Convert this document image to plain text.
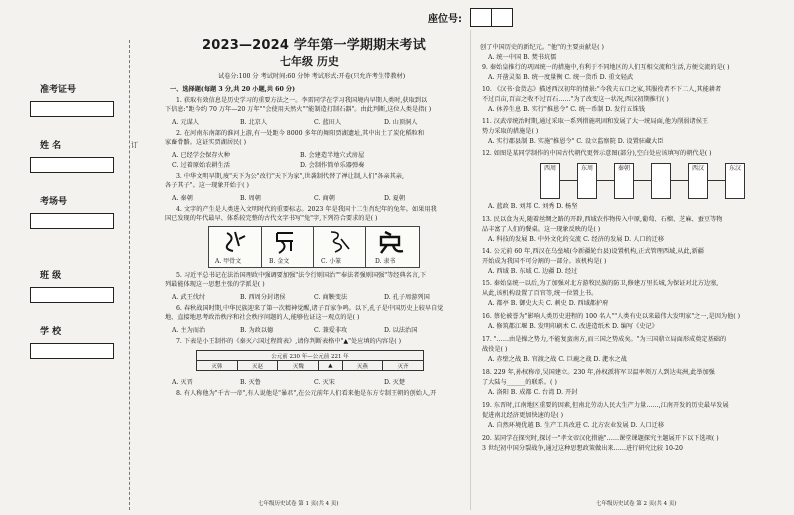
座位号:
准考证号
姓 名
考场号
班 级
学 校
订
2023—2024 学年第一学期期末考试
七年级 历史
试卷分:100 分 考试时间:60 分钟 考试形式:开卷(只允许考生带教材)
一、选择题(每题 3 分,共 20 小题,共 60 分)
1. 获取有效信息是历史学习的重要方法之一。李雷同学在学习我国境内早期人类时,获取到以
下信息:"距今约 70 万年—20 万年""会使用天然火""能制造打制石器"。由此判断,这位人类是指( )
A. 元谋人	B. 北京人	C. 蓝田人	D. 山顶洞人
2. 在河南东南部的淮河上游,有一处距今 8000 多年的舞阳贾湖遗址,其中出土了炭化稻粒和
家畜骨骼。这证实贾湖居民( )
A. 已经学会保存火种	B. 会建造半地穴式房屋
C. 过着原始农耕生活	D. 会制作简单乐器弹奏
3. 中华文明早期,废"天下为公"改行"天下为家",世袭制代替了禅让制,人们"各亲其亲,
各子其子"。这一现象开始于( )
A. 秦朝	B. 周朝	C. 商朝	D. 夏朝
4. 文字的产生是人类进入文明时代的重要标志。2023 年是我国十二生肖纪年的兔年。如果用我
国已发现的年代最早、体系较完整的古代文字书写"兔"字,下列符合要求的是( )
A. 甲骨文	B. 金文	C. 小篆	D. 隶书
5. 习近平总书记在法治国理政中强调要加强"法令行则国治""奉法者强则国强"等经典名言,下
列最能体现这一思想主张的学派是( )
A. 武王伐纣	B. 西周分封诸侯	C. 商鞅变法	D. 孔子周游列国
6. 春秋战国时期,中华民族迎来了第一次精神觉醒,诸子百家争鸣。以下,孔子是中国历史上较早自觉
地、直接地思考政治秩序和社会秩序问题的人,能够佐证这一观点的是( )
A. 主为而治	B. 为政以德	C. 兼爱非攻	D. 以法治国
7. 下表是小王制作的《秦灭六国过程简表》,请你判断表格中"▲"处应填的内容是( )
公元前 230 年—公元前 221 年
灭韩	灭赵	灭魏	▲	灭燕	灭齐
A. 灭晋	B. 灭鲁	C. 灭宋	D. 灭楚
8. 有人称他为"千古一帝",有人说他是"暴君",在公元前年人们看来他是东方专制王朝的创始人,开
七年级历史试卷 第 1 页(共 4 页)
创了中国历史的新纪元。"他"的主要贡献是( )
A. 统一中国 B. 焚书坑儒
9. 秦始皇推行的巩固统一的措施中,有利于不同地区的人们互相交流和生活,方便交流的是( )
A. 开凿灵渠 B. 统一度量衡 C. 统一货币 D. 重文轻武
10. 《汉书·食货志》描述西汉初年的情景:"今我夫五口之家,其服役者不下二人,其能耕者
不过百亩,百亩之收不过百石……"为了改变这一状况,西汉初期推行( )
A. 休养生息 B. 实行"推恩令" C. 统一币制 D. 发行五铢钱
11. 汉武帝统治时期,通过采取一系列措施巩固和发展了大一统局面,他为削弱诸侯王
势力采取的措施是( )
A. 实行郡县制 B. 实施"推恩令" C. 设立监察院 D. 设置驻藏大臣
12. 如图是某同学制作的中国古代朝代更替示意图(部分),空白处应该填写的朝代是( )
西周	东周	秦朝	西汉	东汉
A. 蓝政 B. 刘邦 C. 刘秀 D. 杨坚
13. 民以食为天,随着丝绸之路的开辟,西域农作物传入中原,葡萄、石榴、芝麻、蚕豆等物
品丰富了人们的餐桌。这一现象反映的是( )
A. 科技的发展 B. 中外文化的交流 C. 经济的发展 D. 人口的迁移
14. 公元前 60 年,西汉在乌垒城(今新疆轮台县)设置机构,正式管理西域,从此,新疆
开始成为我国不可分割的一部分。该机构是( )
A. 西域 B. 东域 C. 边疆 D. 经过
15. 秦始皇统一以后,为了加强对北方游牧民族的防卫,修建万里长城,为保证对北方边塞,
从此,该机构设置了百官等,统一位置上书。
A. 都亭 B. 御史大夫 C. 刺史 D. 西域都护府
16. 蔡伦被誉为"影响人类历史进程的 100 名人""人类有史以来最伟大发明家"之一,是因为他( )
A. 修筑都江堰 B. 发明印刷术 C. 改进造纸术 D. 编写《史记》
17. "……由是操之势力,不能复蛮南方,而三国之势成矣。"为三国鼎立局面形成奠定基础的
战役是( )
A. 赤壁之战 B. 官渡之战 C. 巨鹿之战 D. 淝水之战
18. 229 年,孙权称帝,吴国建立。230 年,孙权派将军卫温率领万人到达夷洲,此举加强
了大陆与______的联系。( )
A. 洛阳 B. 成都 C. 台湾 D. 开封
19. 东晋时,江南地区重要的因素,但南北劳动人民大生产力量……,江南开发的历史最早发展
促进南北经济更加快速的是( )
A. 自然环境优越 B. 生产工具改进 C. 北方农业发展 D. 人口迁移
20. 某同学在探究时,探讨一"孝文帝汉化措施"……课堂课题探究主题展开下以下选项( )
3 世纪初中国分裂战争,通过这种思想政策做出来……进行研究比较 10-20
七年级历史试卷 第 2 页(共 4 页)
